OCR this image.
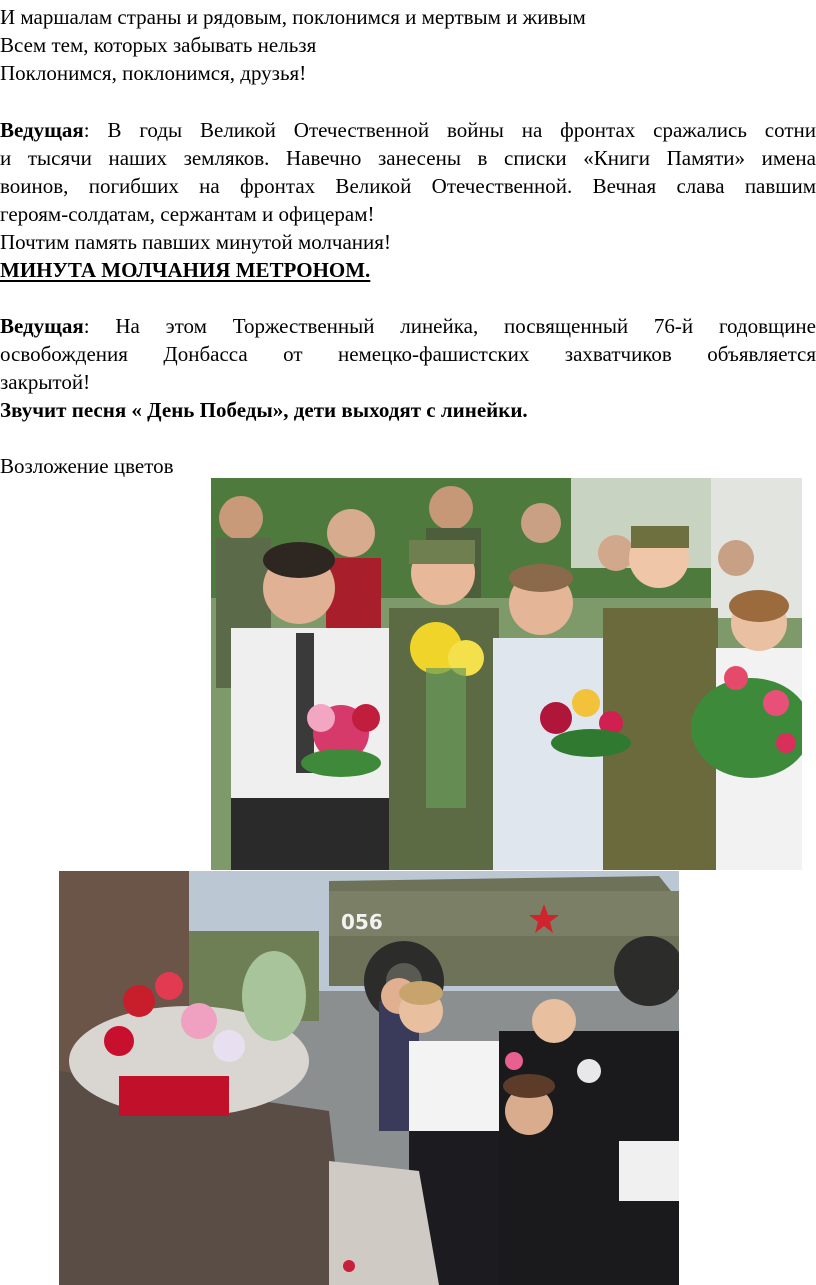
И маршалам страны и рядовым, поклонимся и мертвым и живым

Всем тем, которых забывать нельзя

Поклонимся, поклонимся, друзья!

Ведущая: В годы Великой Отечественной войны на фронтах сражались сотни

и тысячи наших земляков. Навечно занесены в списки «Книги Памяти» имена

воинов, погибших на фронтах Великой Отечественной. Вечная слава павшим

героям-солдатам, сержантам и офицерам!

Почтим память павших минутой молчания!

МИНУТА МОЛЧАНИЯ МЕТРОНОМ.

Ведущая: На этом Торжественный линейка, посвященный 76-й годовщине

освобождения Донбасса от немецко-фашистских захватчиков объявляется

закрытой!

Звучит песня « День Победы», дети выходят с линейки.

Возложение цветов

056
